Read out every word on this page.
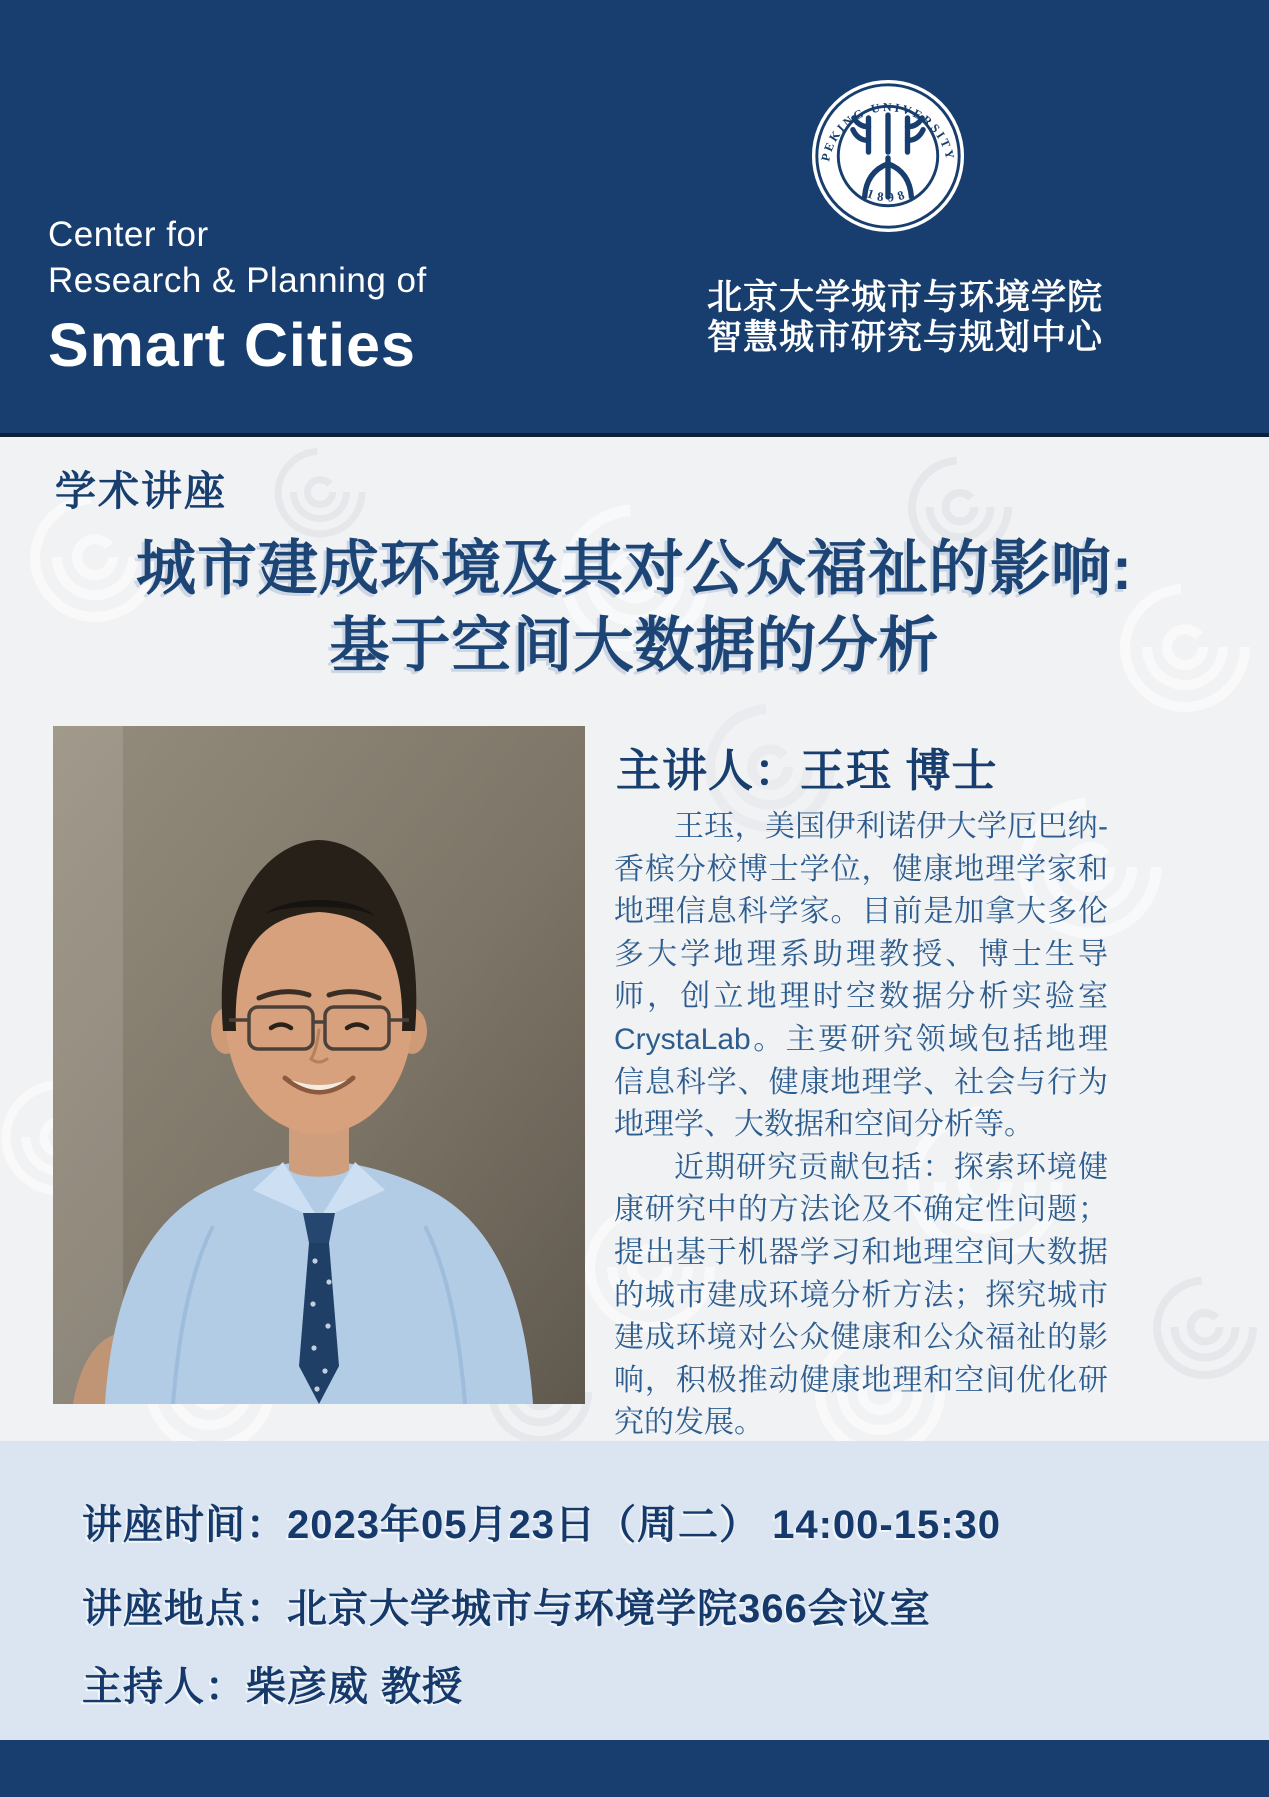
Center for
Research & Planning of
Smart Cities
PEKING UNIVERSITY
1898
北京大学城市与环境学院
智慧城市研究与规划中心
学术讲座
城市建成环境及其对公众福祉的影响:
基于空间大数据的分析
主讲人：王珏 博士

王珏，美国伊利诺伊大学厄巴纳-香槟分校博士学位，健康地理学家和地理信息科学家。目前是加拿大多伦多大学地理系助理教授、博士生导师，创立地理时空数据分析实验室CrystaLab。主要研究领域包括地理信息科学、健康地理学、社会与行为地理学、大数据和空间分析等。

近期研究贡献包括：探索环境健康研究中的方法论及不确定性问题；提出基于机器学习和地理空间大数据的城市建成环境分析方法；探究城市建成环境对公众健康和公众福祉的影响，积极推动健康地理和空间优化研究的发展。

讲座时间：2023年05月23日（周二） 14:00-15:30
讲座地点：北京大学城市与环境学院366会议室
主持人：柴彦威 教授
